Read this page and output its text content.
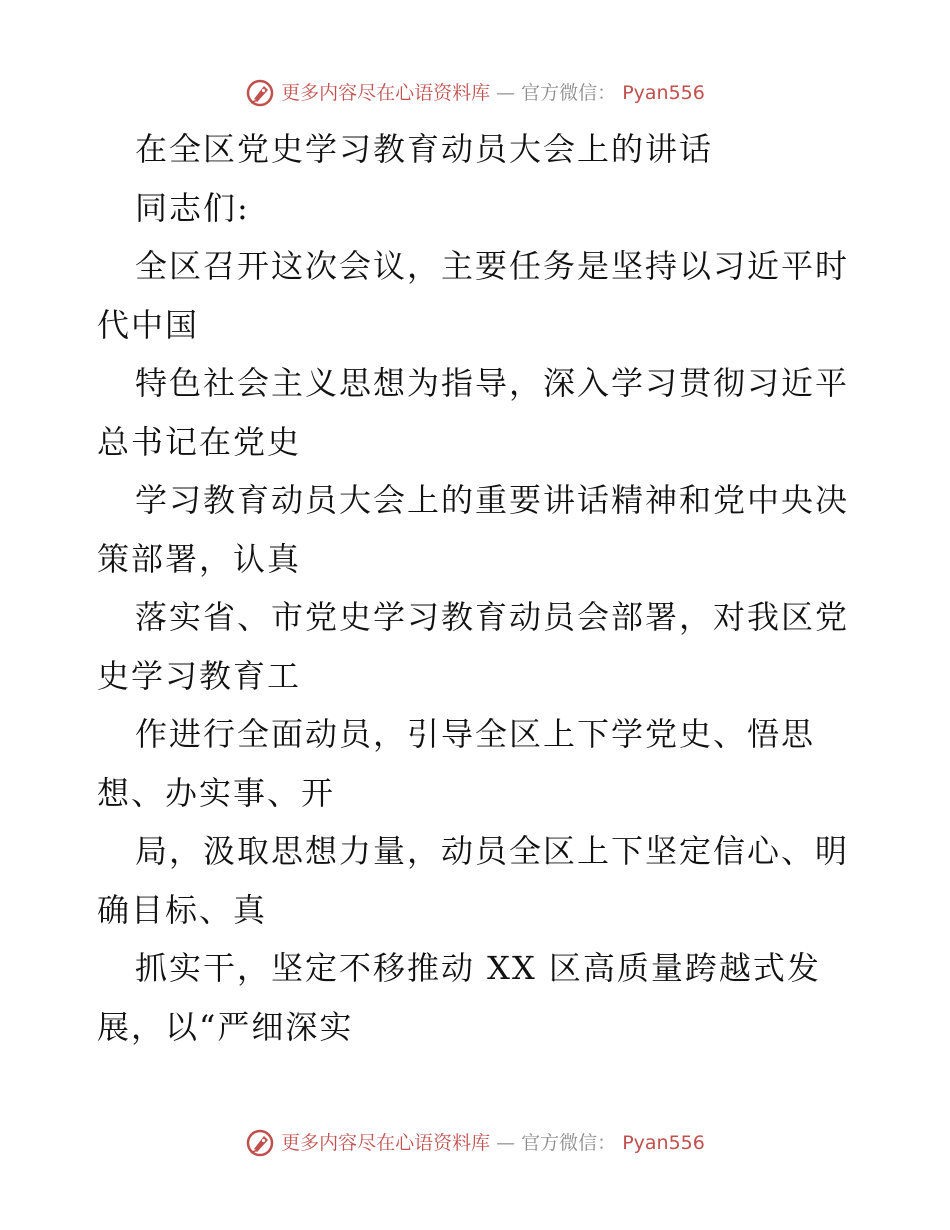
更多内容尽在心语资料库 — 官方微信： Pyan556
在全区党史学习教育动员大会上的讲话
同志们:
全区召开这次会议，主要任务是坚持以习近平时
代中国
特色社会主义思想为指导，深入学习贯彻习近平
总书记在党史
学习教育动员大会上的重要讲话精神和党中央决
策部署，认真
落实省、市党史学习教育动员会部署，对我区党
史学习教育工
作进行全面动员，引导全区上下学党史、悟思
想、办实事、开
局，汲取思想力量，动员全区上下坚定信心、明
确目标、真
抓实干，坚定不移推动 XX 区高质量跨越式发
展，以“严细深实
更多内容尽在心语资料库 — 官方微信： Pyan556
